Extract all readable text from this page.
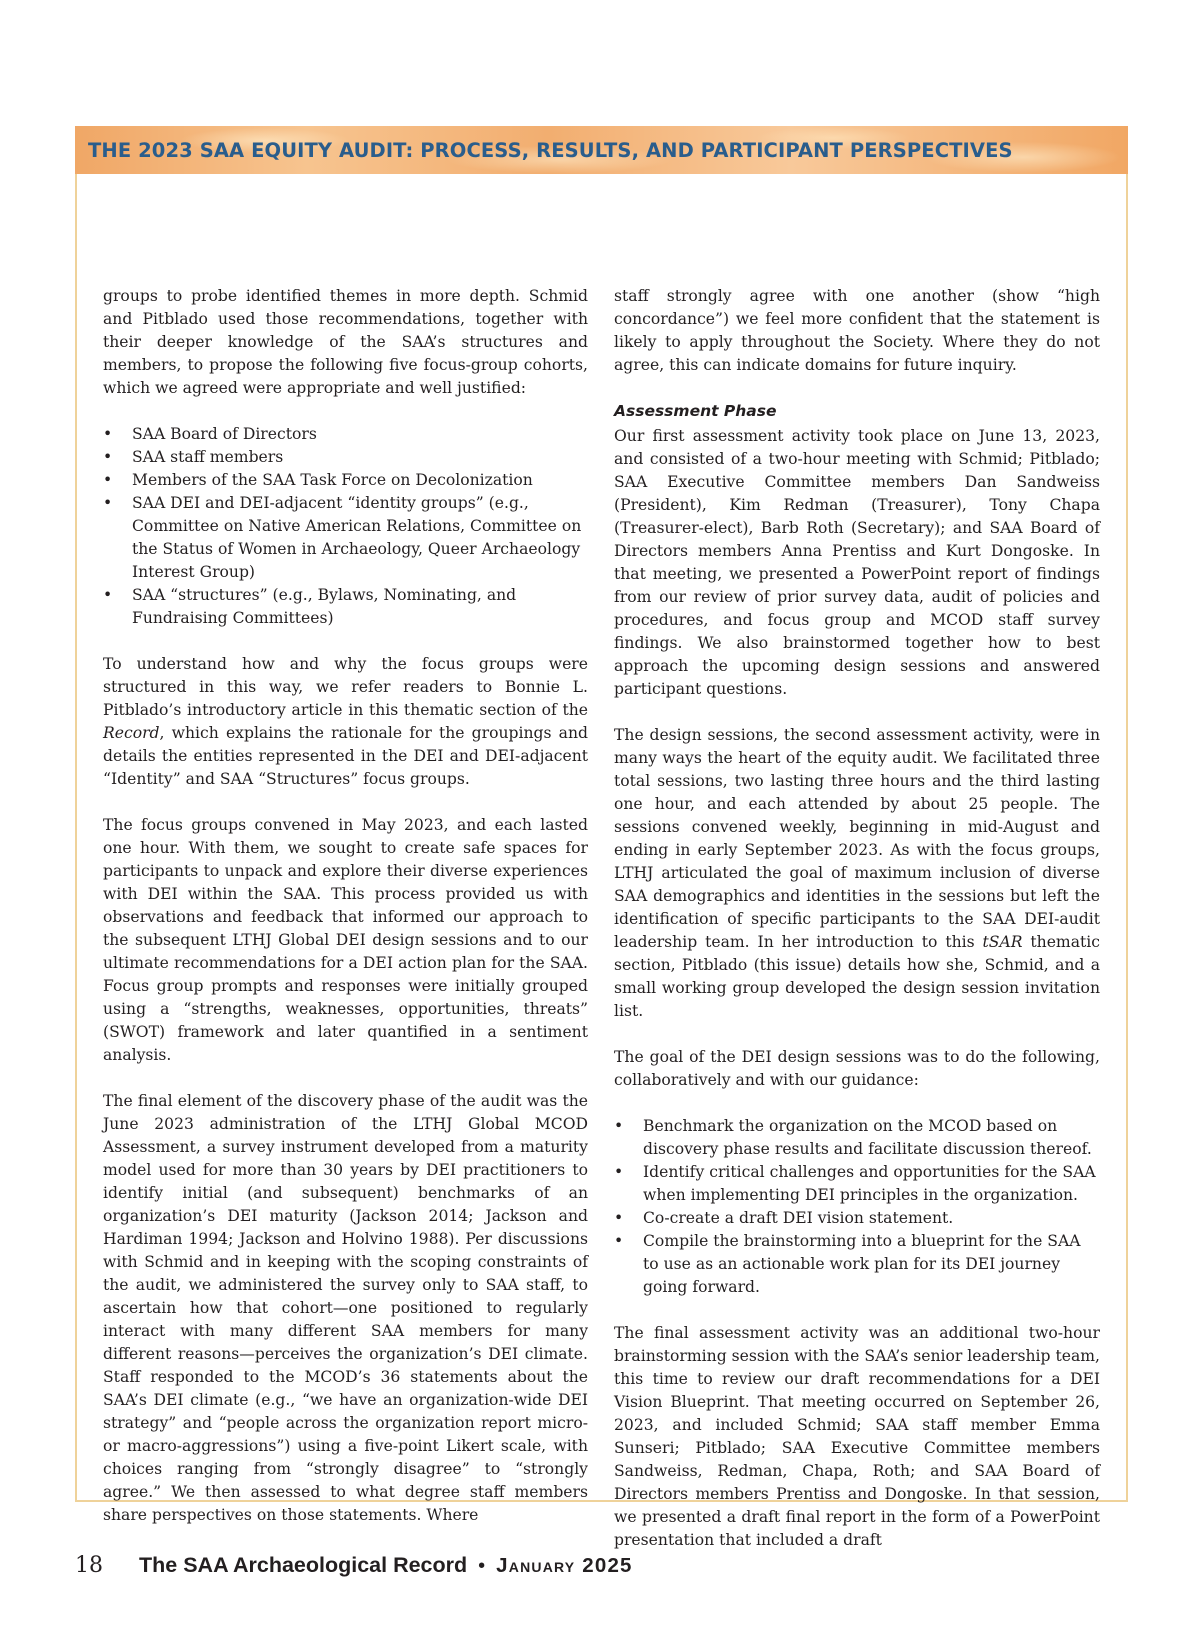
THE 2023 SAA EQUITY AUDIT: PROCESS, RESULTS, AND PARTICIPANT PERSPECTIVES

groups to probe identified themes in more depth. Schmid and Pitblado used those recommendations, together with their deeper knowledge of the SAA’s structures and members, to propose the following five focus-group cohorts, which we agreed were appropriate and well justified:

• SAA Board of Directors
• SAA staff members
• Members of the SAA Task Force on Decolonization
• SAA DEI and DEI-adjacent “identity groups” (e.g., Committee on Native American Relations, Committee on the Status of Women in Archaeology, Queer Archaeology Interest Group)
• SAA “structures” (e.g., Bylaws, Nominating, and Fundraising Committees)

To understand how and why the focus groups were structured in this way, we refer readers to Bonnie L. Pitblado’s introductory article in this thematic section of the Record, which explains the rationale for the groupings and details the entities represented in the DEI and DEI-adjacent “Identity” and SAA “Structures” focus groups.

The focus groups convened in May 2023, and each lasted one hour. With them, we sought to create safe spaces for participants to unpack and explore their diverse experiences with DEI within the SAA. This process provided us with observations and feedback that informed our approach to the subsequent LTHJ Global DEI design sessions and to our ultimate recommendations for a DEI action plan for the SAA. Focus group prompts and responses were initially grouped using a “strengths, weaknesses, opportunities, threats” (SWOT) framework and later quantified in a sentiment analysis.

The final element of the discovery phase of the audit was the June 2023 administration of the LTHJ Global MCOD Assessment, a survey instrument developed from a maturity model used for more than 30 years by DEI practitioners to identify initial (and subsequent) benchmarks of an organization’s DEI maturity (Jackson 2014; Jackson and Hardiman 1994; Jackson and Holvino 1988). Per discussions with Schmid and in keeping with the scoping constraints of the audit, we administered the survey only to SAA staff, to ascertain how that cohort—one positioned to regularly interact with many different SAA members for many different reasons—perceives the organization’s DEI climate. Staff responded to the MCOD’s 36 statements about the SAA’s DEI climate (e.g., “we have an organization-wide DEI strategy” and “people across the organization report micro- or macro-aggressions”) using a five-point Likert scale, with choices ranging from “strongly disagree” to “strongly agree.” We then assessed to what degree staff members share perspectives on those statements. Where

staff strongly agree with one another (show “high concordance”) we feel more confident that the statement is likely to apply throughout the Society. Where they do not agree, this can indicate domains for future inquiry.

Assessment Phase

Our first assessment activity took place on June 13, 2023, and consisted of a two-hour meeting with Schmid; Pitblado; SAA Executive Committee members Dan Sandweiss (President), Kim Redman (Treasurer), Tony Chapa (Treasurer-elect), Barb Roth (Secretary); and SAA Board of Directors members Anna Prentiss and Kurt Dongoske. In that meeting, we presented a PowerPoint report of findings from our review of prior survey data, audit of policies and procedures, and focus group and MCOD staff survey findings. We also brainstormed together how to best approach the upcoming design sessions and answered participant questions.

The design sessions, the second assessment activity, were in many ways the heart of the equity audit. We facilitated three total sessions, two lasting three hours and the third lasting one hour, and each attended by about 25 people. The sessions convened weekly, beginning in mid-August and ending in early September 2023. As with the focus groups, LTHJ articulated the goal of maximum inclusion of diverse SAA demographics and identities in the sessions but left the identification of specific participants to the SAA DEI-audit leadership team. In her introduction to this tSAR thematic section, Pitblado (this issue) details how she, Schmid, and a small working group developed the design session invitation list.

The goal of the DEI design sessions was to do the following, collaboratively and with our guidance:

• Benchmark the organization on the MCOD based on discovery phase results and facilitate discussion thereof.
• Identify critical challenges and opportunities for the SAA when implementing DEI principles in the organization.
• Co-create a draft DEI vision statement.
• Compile the brainstorming into a blueprint for the SAA to use as an actionable work plan for its DEI journey going forward.

The final assessment activity was an additional two-hour brainstorming session with the SAA’s senior leadership team, this time to review our draft recommendations for a DEI Vision Blueprint. That meeting occurred on September 26, 2023, and included Schmid; SAA staff member Emma Sunseri; Pitblado; SAA Executive Committee members Sandweiss, Redman, Chapa, Roth; and SAA Board of Directors members Prentiss and Dongoske. In that session, we presented a draft final report in the form of a PowerPoint presentation that included a draft

18 The SAA Archaeological Record • January 2025
